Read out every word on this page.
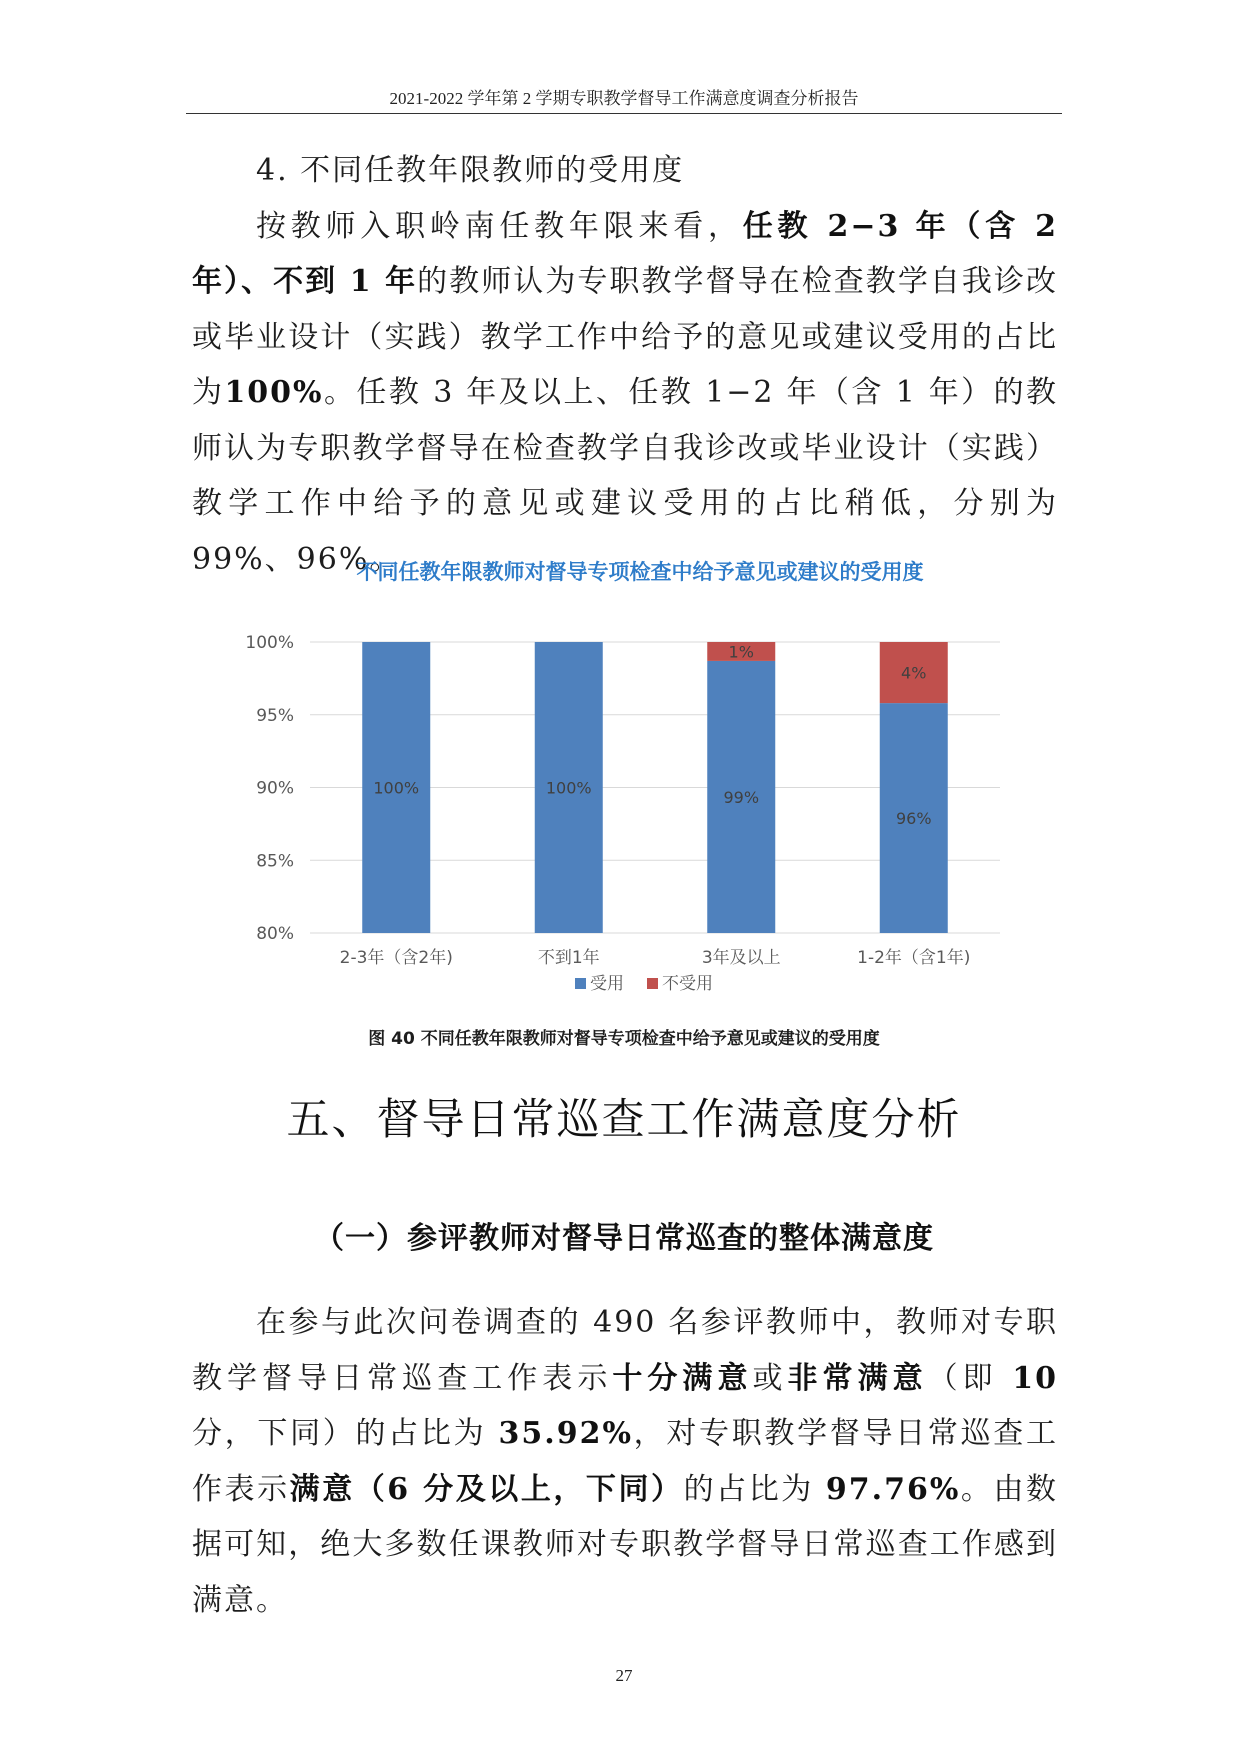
2021-2022 学年第 2 学期专职教学督导工作满意度调查分析报告

4. 不同任教年限教师的受用度

按教师入职岭南任教年限来看，任教 2−3 年（含 2 年）、不到 1 年的教师认为专职教学督导在检查教学自我诊改或毕业设计（实践）教学工作中给予的意见或建议受用的占比为100%。任教 3 年及以上、任教 1−2 年（含 1 年）的教师认为专职教学督导在检查教学自我诊改或毕业设计（实践）教学工作中给予的意见或建议受用的占比稍低，分别为 99%、96%。

不同任教年限教师对督导专项检查中给予意见或建议的受用度
80%
85%
90%
95%
100%
100%
2-3年（含2年)
100%
不到1年
1%
99%
3年及以上
4%
96%
1-2年（含1年)
受用 不受用
图 40 不同任教年限教师对督导专项检查中给予意见或建议的受用度
五、督导日常巡查工作满意度分析
（一）参评教师对督导日常巡查的整体满意度

在参与此次问卷调查的 490 名参评教师中，教师对专职教学督导日常巡查工作表示十分满意或非常满意（即 10 分，下同）的占比为 35.92%，对专职教学督导日常巡查工作表示满意（6 分及以上，下同）的占比为 97.76%。由数据可知，绝大多数任课教师对专职教学督导日常巡查工作感到满意。

27
